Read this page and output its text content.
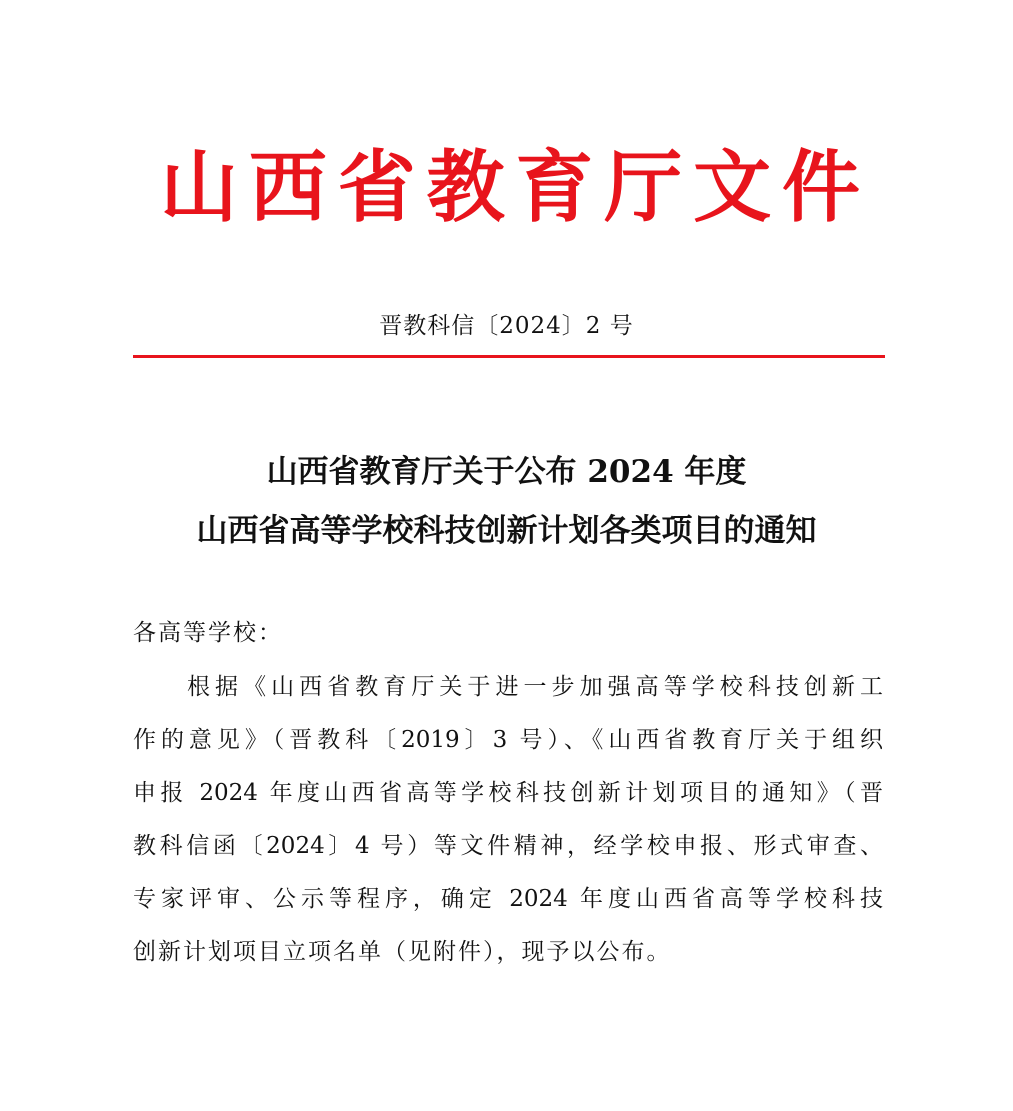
山西省教育厅文件
晋教科信〔2024〕2 号
山西省教育厅关于公布 2024 年度
山西省高等学校科技创新计划各类项目的通知
各高等学校：
根据《山西省教育厅关于进一步加强高等学校科技创新工
作的意见》（晋教科〔2019〕3 号）、《山西省教育厅关于组织
申报 2024 年度山西省高等学校科技创新计划项目的通知》（晋
教科信函〔2024〕4 号）等文件精神，经学校申报、形式审查、
专家评审、公示等程序，确定 2024 年度山西省高等学校科技
创新计划项目立项名单（见附件），现予以公布。
